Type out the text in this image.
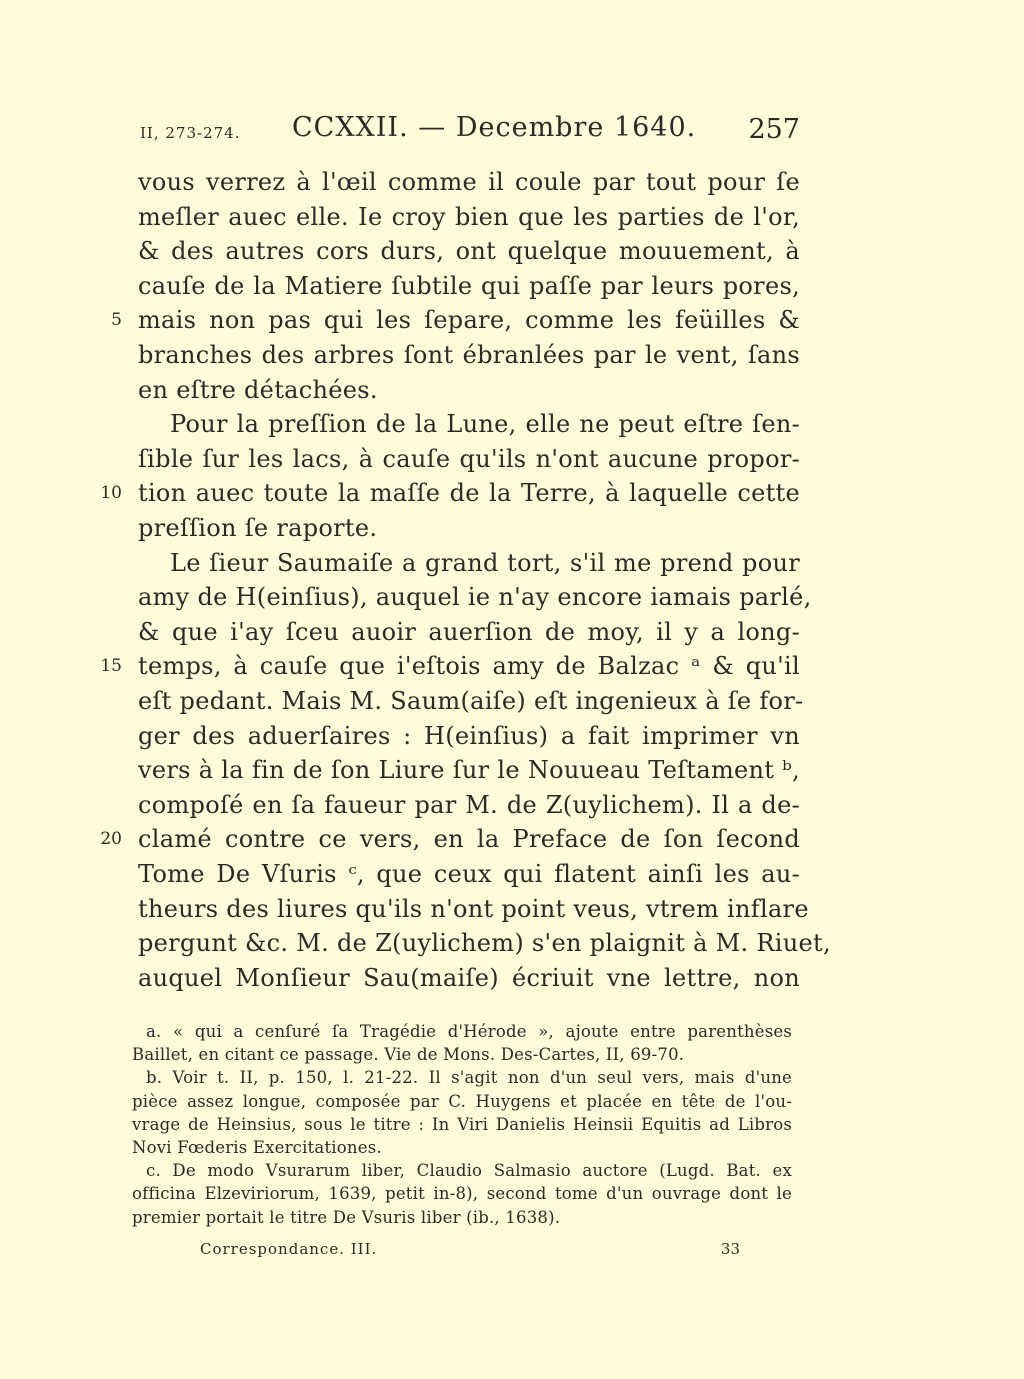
II, 273-274. CCXXII. — Decembre 1640. 257
vous verrez à l'œil comme il coule par tout pour ſe
meſler auec elle. Ie croy bien que les parties de l'or,
& des autres cors durs, ont quelque mouuement, à
cauſe de la Matiere ſubtile qui paſſe par leurs pores,
5 mais non pas qui les ſepare, comme les feüilles &
branches des arbres ſont ébranlées par le vent, ſans
en eſtre détachées.
Pour la preſſion de la Lune, elle ne peut eſtre ſen-
ſible ſur les lacs, à cauſe qu'ils n'ont aucune propor-
10 tion auec toute la maſſe de la Terre, à laquelle cette
preſſion ſe raporte.
Le ſieur Saumaiſe a grand tort, s'il me prend pour
amy de H(einſius), auquel ie n'ay encore iamais parlé,
& que i'ay ſceu auoir auerſion de moy, il y a long-
15 temps, à cauſe que i'eſtois amy de Balzac ᵃ & qu'il
eſt pedant. Mais M. Saum(aiſe) eſt ingenieux à ſe for-
ger des aduerſaires : H(einſius) a fait imprimer vn
vers à la fin de ſon Liure ſur le Nouueau Teſtament ᵇ,
compoſé en ſa faueur par M. de Z(uylichem). Il a de-
20 clamé contre ce vers, en la Preface de ſon ſecond
Tome De Vſuris ᶜ, que ceux qui flatent ainſi les au-
theurs des liures qu'ils n'ont point veus, vtrem inflare
pergunt &c. M. de Z(uylichem) s'en plaignit à M. Riuet,
auquel Monſieur Sau(maiſe) écriuit vne lettre, non
a. « qui a cenſuré ſa Tragédie d'Hérode », ajoute entre parenthèses
Baillet, en citant ce passage. Vie de Mons. Des-Cartes, II, 69-70.
b. Voir t. II, p. 150, l. 21-22. Il s'agit non d'un seul vers, mais d'une
pièce assez longue, composée par C. Huygens et placée en tête de l'ou-
vrage de Heinsius, sous le titre : In Viri Danielis Heinsii Equitis ad Libros
Novi Fœderis Exercitationes.
c. De modo Vsurarum liber, Claudio Salmasio auctore (Lugd. Bat. ex
officina Elzeviriorum, 1639, petit in-8), second tome d'un ouvrage dont le
premier portait le titre De Vsuris liber (ib., 1638).
Correspondance. III.	33
